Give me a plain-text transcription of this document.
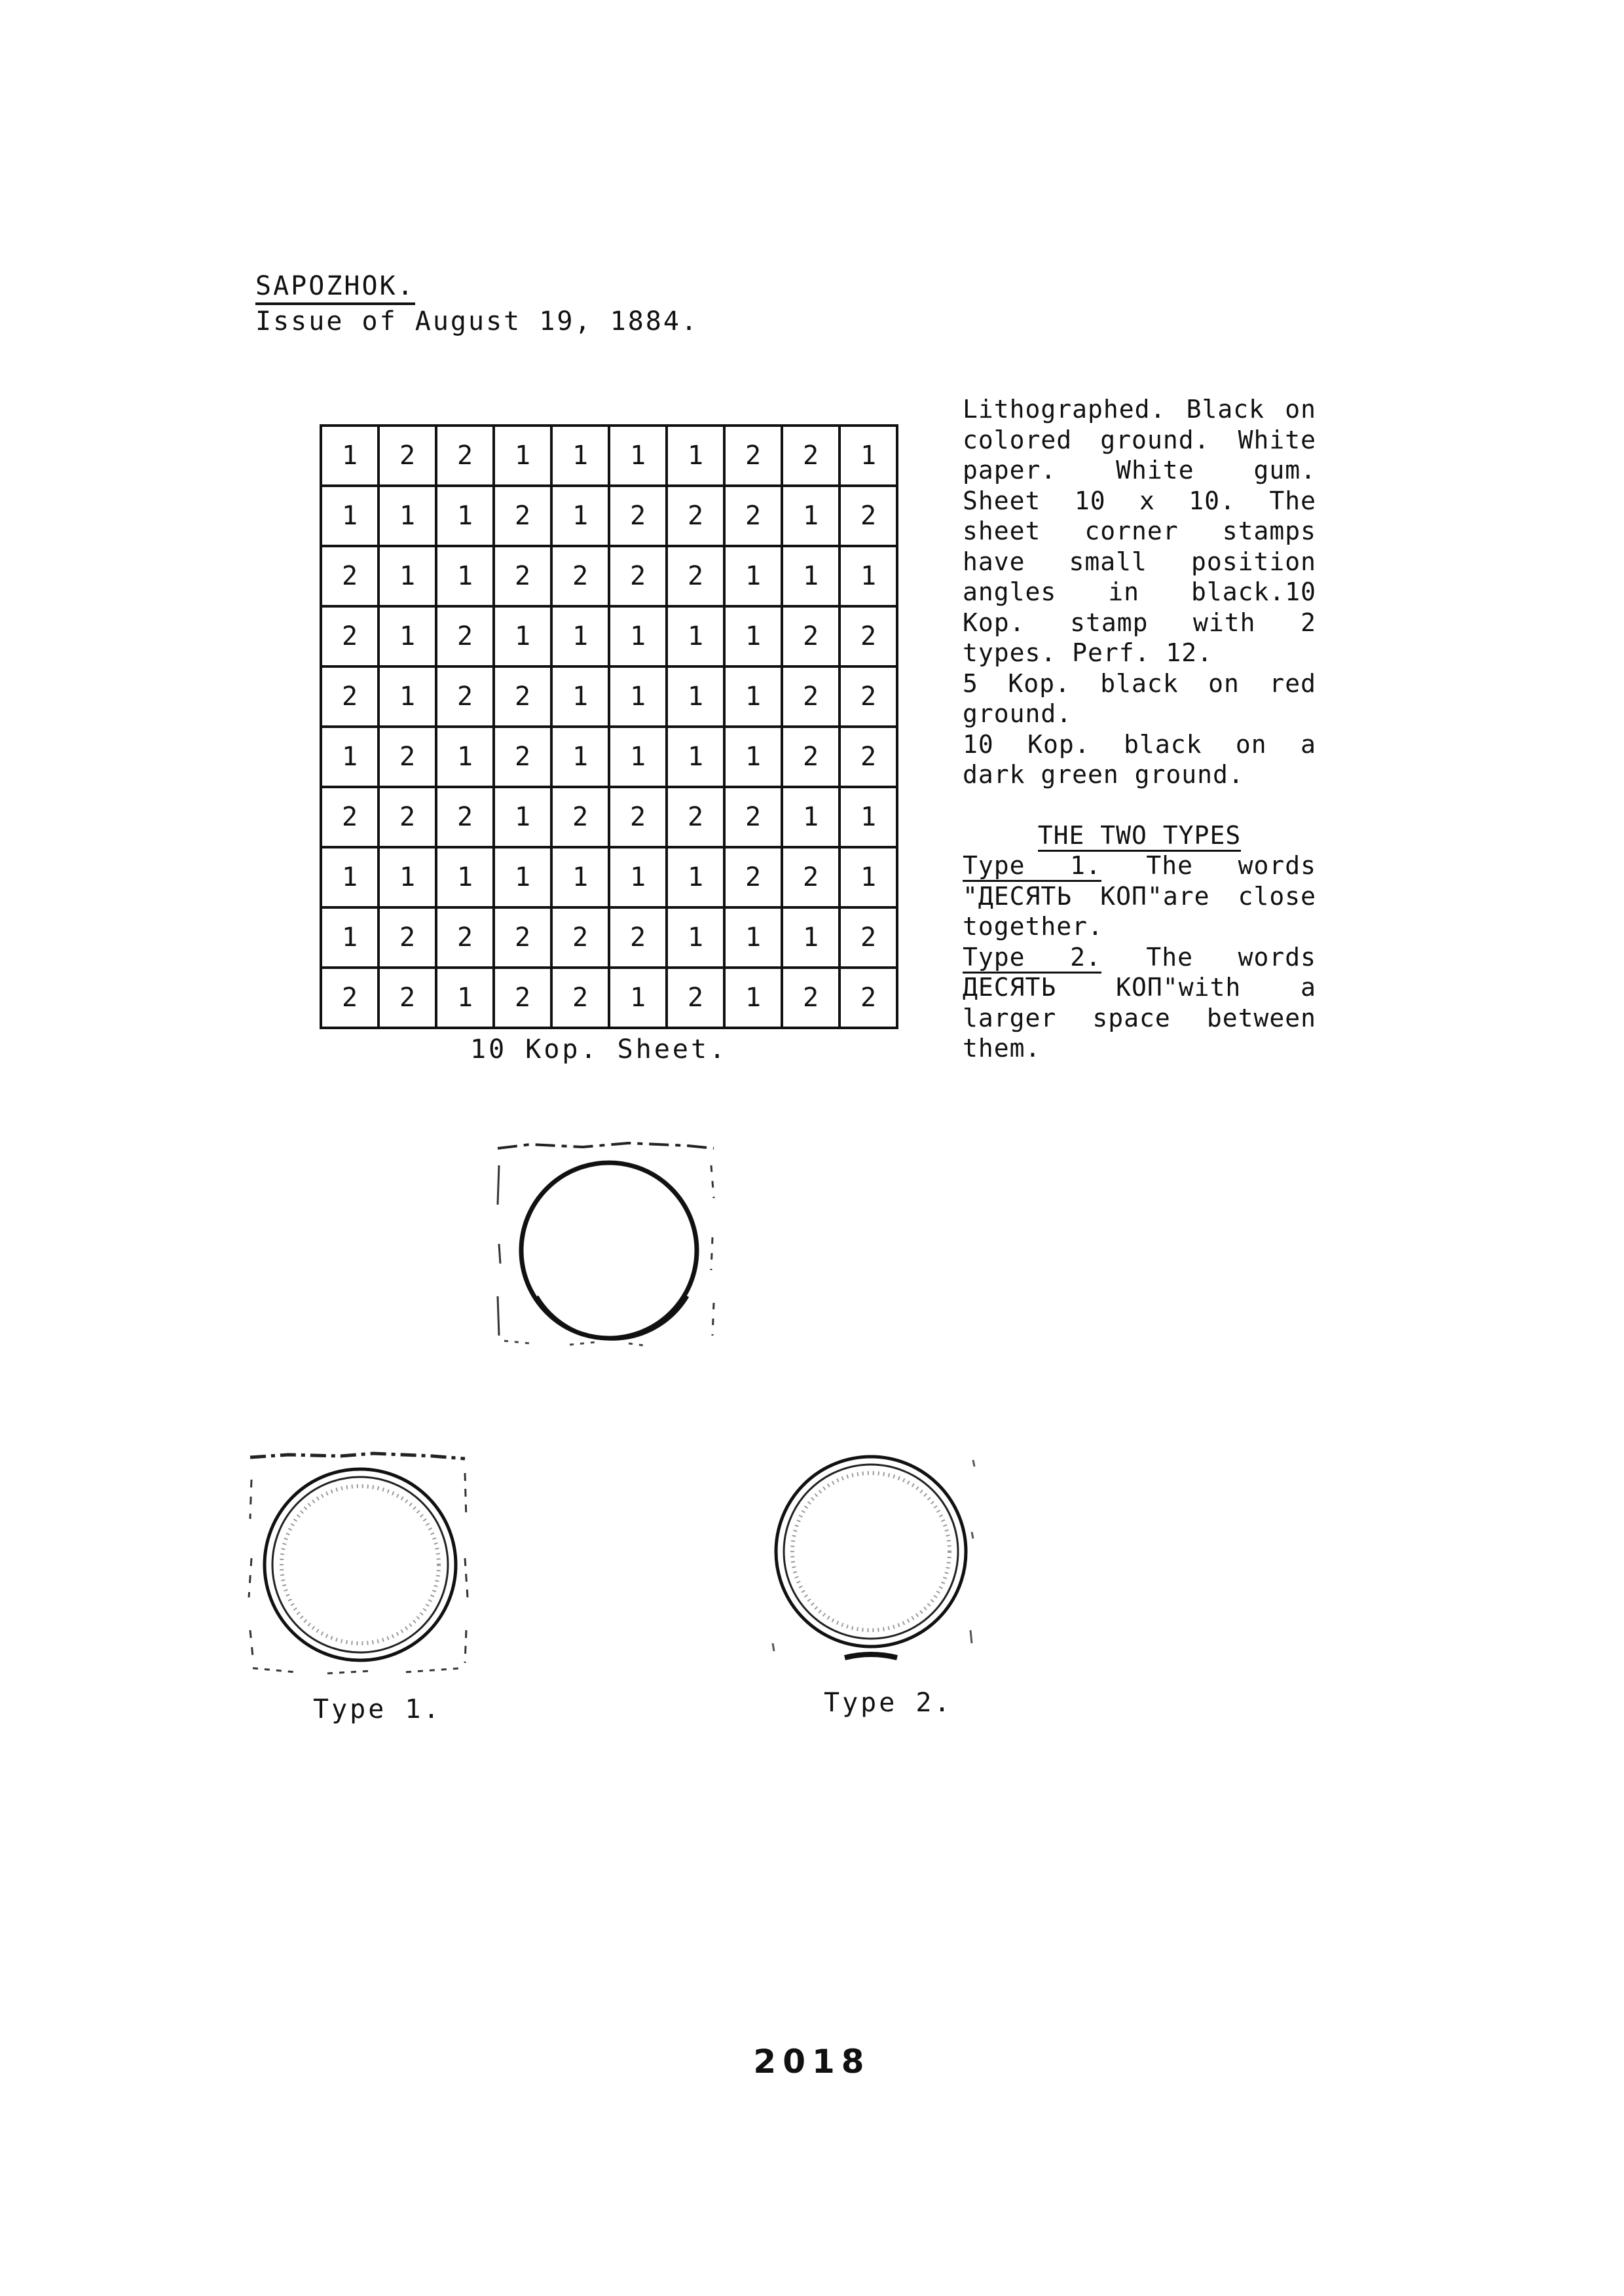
SAPOZHOK.
Issue of August 19, 1884.
1	2	2	1	1	1	1	2	2	1
1	1	1	2	1	2	2	2	1	2
2	1	1	2	2	2	2	1	1	1
2	1	2	1	1	1	1	1	2	2
2	1	2	2	1	1	1	1	2	2
1	2	1	2	1	1	1	1	2	2
2	2	2	1	2	2	2	2	1	1
1	1	1	1	1	1	1	2	2	1
1	2	2	2	2	2	1	1	1	2
2	2	1	2	2	1	2	1	2	2
10 Kop. Sheet.

Lithographed. Black on colored ground. White paper. White gum. Sheet 10 x 10. The sheet corner stamps have small position angles in black.10 Kop. stamp with 2 types. Perf. 12.

5 Kop. black on red ground.

10 Kop. black on a dark green ground.

THE TWO TYPES

Type 1. The words "ДЕСЯТЬ КОП"are close together.

Type 2. The words ДЕСЯТЬ КОП"with a larger space between them.

Type 1.	Type 2.
2018
